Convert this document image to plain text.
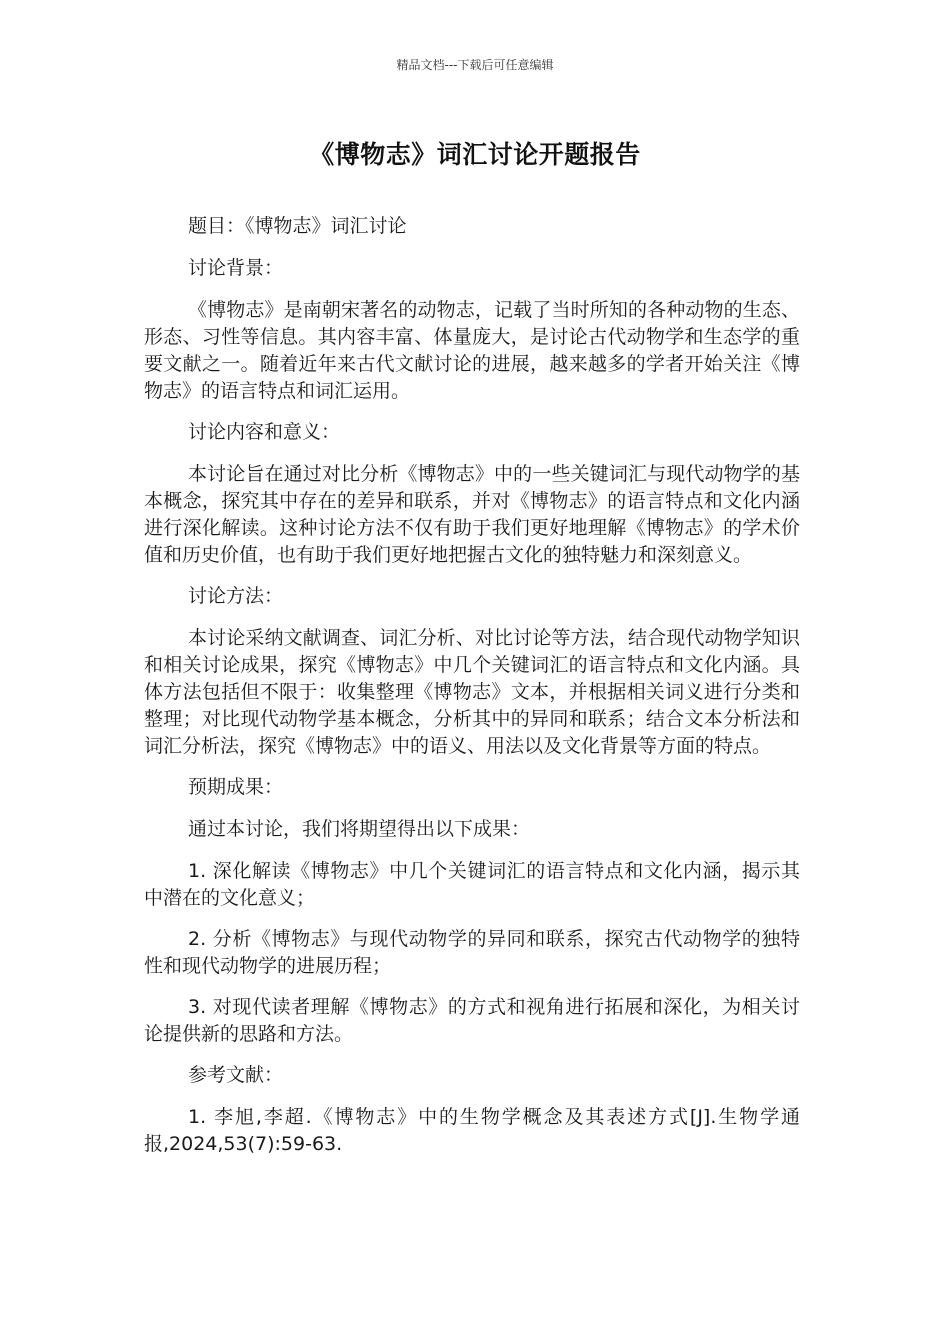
精品文档---下载后可任意编辑
《博物志》词汇讨论开题报告

题目：《博物志》词汇讨论

讨论背景：

《博物志》是南朝宋著名的动物志，记载了当时所知的各种动物的生态、形态、习性等信息。其内容丰富、体量庞大，是讨论古代动物学和生态学的重要文献之一。随着近年来古代文献讨论的进展，越来越多的学者开始关注《博物志》的语言特点和词汇运用。

讨论内容和意义：

本讨论旨在通过对比分析《博物志》中的一些关键词汇与现代动物学的基本概念，探究其中存在的差异和联系，并对《博物志》的语言特点和文化内涵进行深化解读。这种讨论方法不仅有助于我们更好地理解《博物志》的学术价值和历史价值，也有助于我们更好地把握古文化的独特魅力和深刻意义。

讨论方法：

本讨论采纳文献调查、词汇分析、对比讨论等方法，结合现代动物学知识和相关讨论成果，探究《博物志》中几个关键词汇的语言特点和文化内涵。具体方法包括但不限于：收集整理《博物志》文本，并根据相关词义进行分类和整理；对比现代动物学基本概念，分析其中的异同和联系；结合文本分析法和词汇分析法，探究《博物志》中的语义、用法以及文化背景等方面的特点。

预期成果：

通过本讨论，我们将期望得出以下成果：

1. 深化解读《博物志》中几个关键词汇的语言特点和文化内涵，揭示其中潜在的文化意义；

2. 分析《博物志》与现代动物学的异同和联系，探究古代动物学的独特性和现代动物学的进展历程；

3. 对现代读者理解《博物志》的方式和视角进行拓展和深化，为相关讨论提供新的思路和方法。

参考文献：

1. 李旭,李超.《博物志》中的生物学概念及其表述方式[J].生物学通报,2024,53(7):59-63.
